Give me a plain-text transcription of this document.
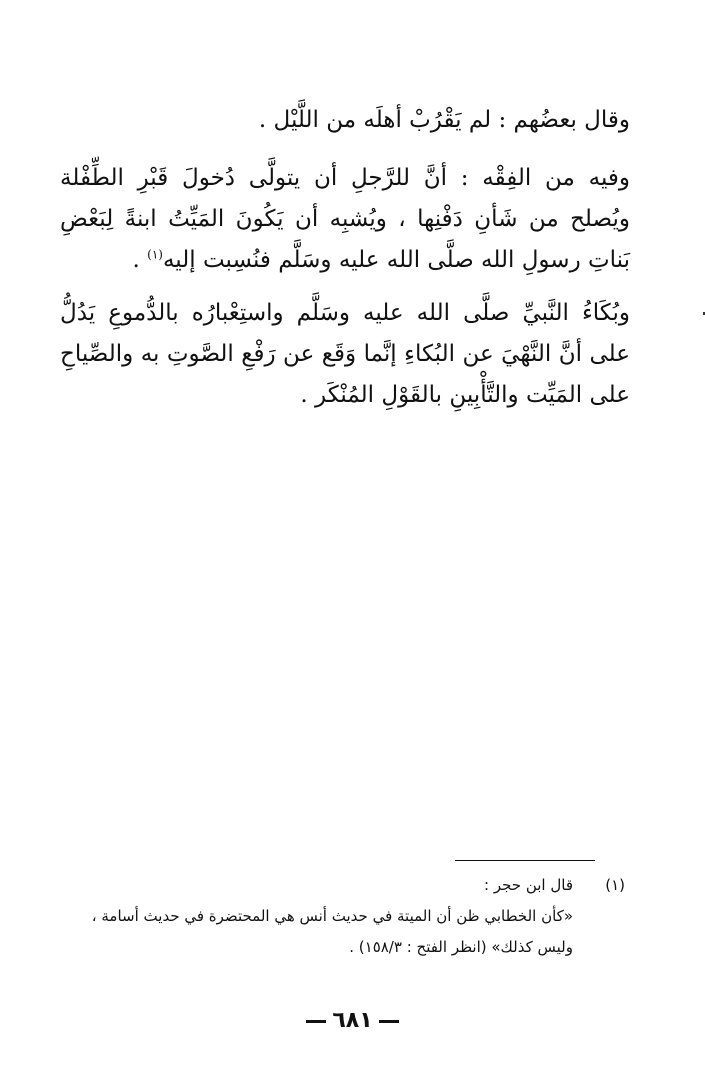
وقال بعضُهم : لم يَقْرُبْ أهلَه من اللَّيْل .

وفيه من الفِقْه : أنَّ للرَّجلِ أن يتولَّى دُخولَ قَبْرِ الطِّفْلة ويُصلح من شَأنِ دَفْنِها ، ويُشبِه أن يَكُونَ المَيِّتُ ابنةً لِبَعْضِ بَناتِ رسولِ الله صلَّى الله عليه وسَلَّم فنُسِبت إليه$^{(١)}$ .

وبُكَاءُ النَّبيِّ صلَّى الله عليه وسَلَّم واستِعْبارُه بالدُّموعِ يَدُلُّ على أنَّ النَّهْيَ عن البُكاءِ إنَّما وَقَع عن رَفْعِ الصَّوتِ به والصِّياحِ على المَيِّت والتَّأْبِينِ بالقَوْلِ المُنْكَر .

(١)قال ابن حجر :
«كأن الخطابي ظن أن الميتة في حديث أنس هي المحتضرة في حديث أسامة ،
وليس كذلك» (انظر الفتح : ١٥٨/٣) .
٦٨١
